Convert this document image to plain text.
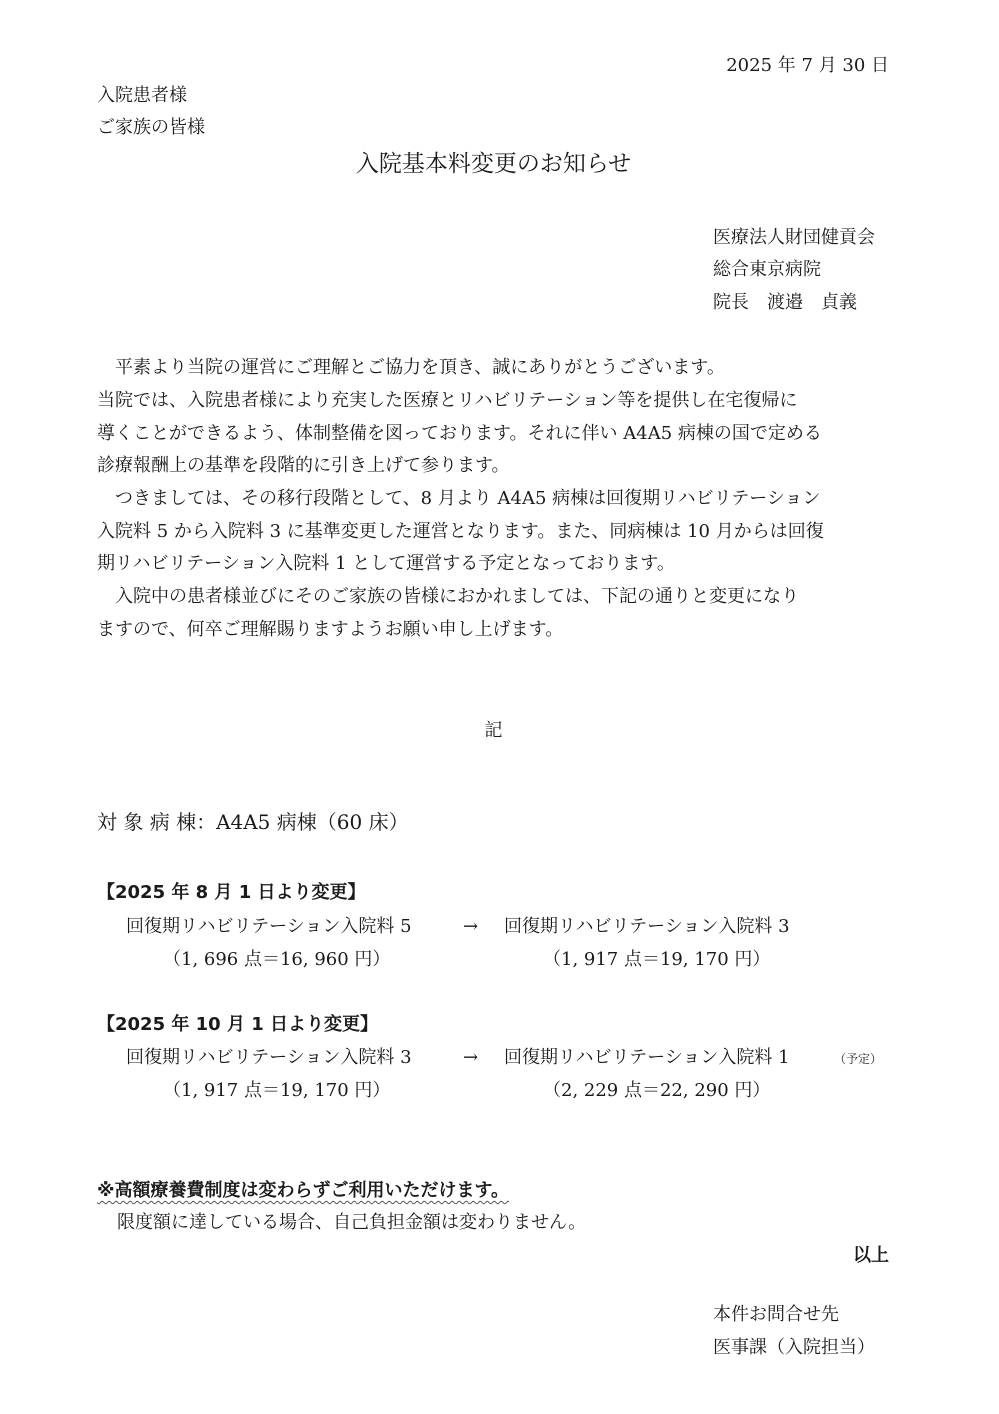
2025 年 7 月 30 日
入院患者様
ご家族の皆様
入院基本料変更のお知らせ
医療法人財団健貢会
総合東京病院
院長　渡邉　貞義
　平素より当院の運営にご理解とご協力を頂き、誠にありがとうございます。
当院では、入院患者様により充実した医療とリハビリテーション等を提供し在宅復帰に
導くことができるよう、体制整備を図っております。それに伴い A4A5 病棟の国で定める
診療報酬上の基準を段階的に引き上げて参ります。
　つきましては、その移行段階として、8 月より A4A5 病棟は回復期リハビリテーション
入院料 5 から入院料 3 に基準変更した運営となります。また、同病棟は 10 月からは回復
期リハビリテーション入院料 1 として運営する予定となっております。
　入院中の患者様並びにそのご家族の皆様におかれましては、下記の通りと変更になり
ますので、何卒ご理解賜りますようお願い申し上げます。
記
対 象 病 棟：A4A5 病棟（60 床）
【2025 年 8 月 1 日より変更】
回復期リハビリテーション入院料 5	→ 回復期リハビリテーション入院料 3
（1, 696 点＝16, 960 円）	（1, 917 点＝19, 170 円）
【2025 年 10 月 1 日より変更】
回復期リハビリテーション入院料 3	→ 回復期リハビリテーション入院料 1	（予定）
（1, 917 点＝19, 170 円）	（2, 229 点＝22, 290 円）
※高額療養費制度は変わらずご利用いただけます。
限度額に達している場合、自己負担金額は変わりません。
以上
本件お問合せ先
医事課（入院担当）
